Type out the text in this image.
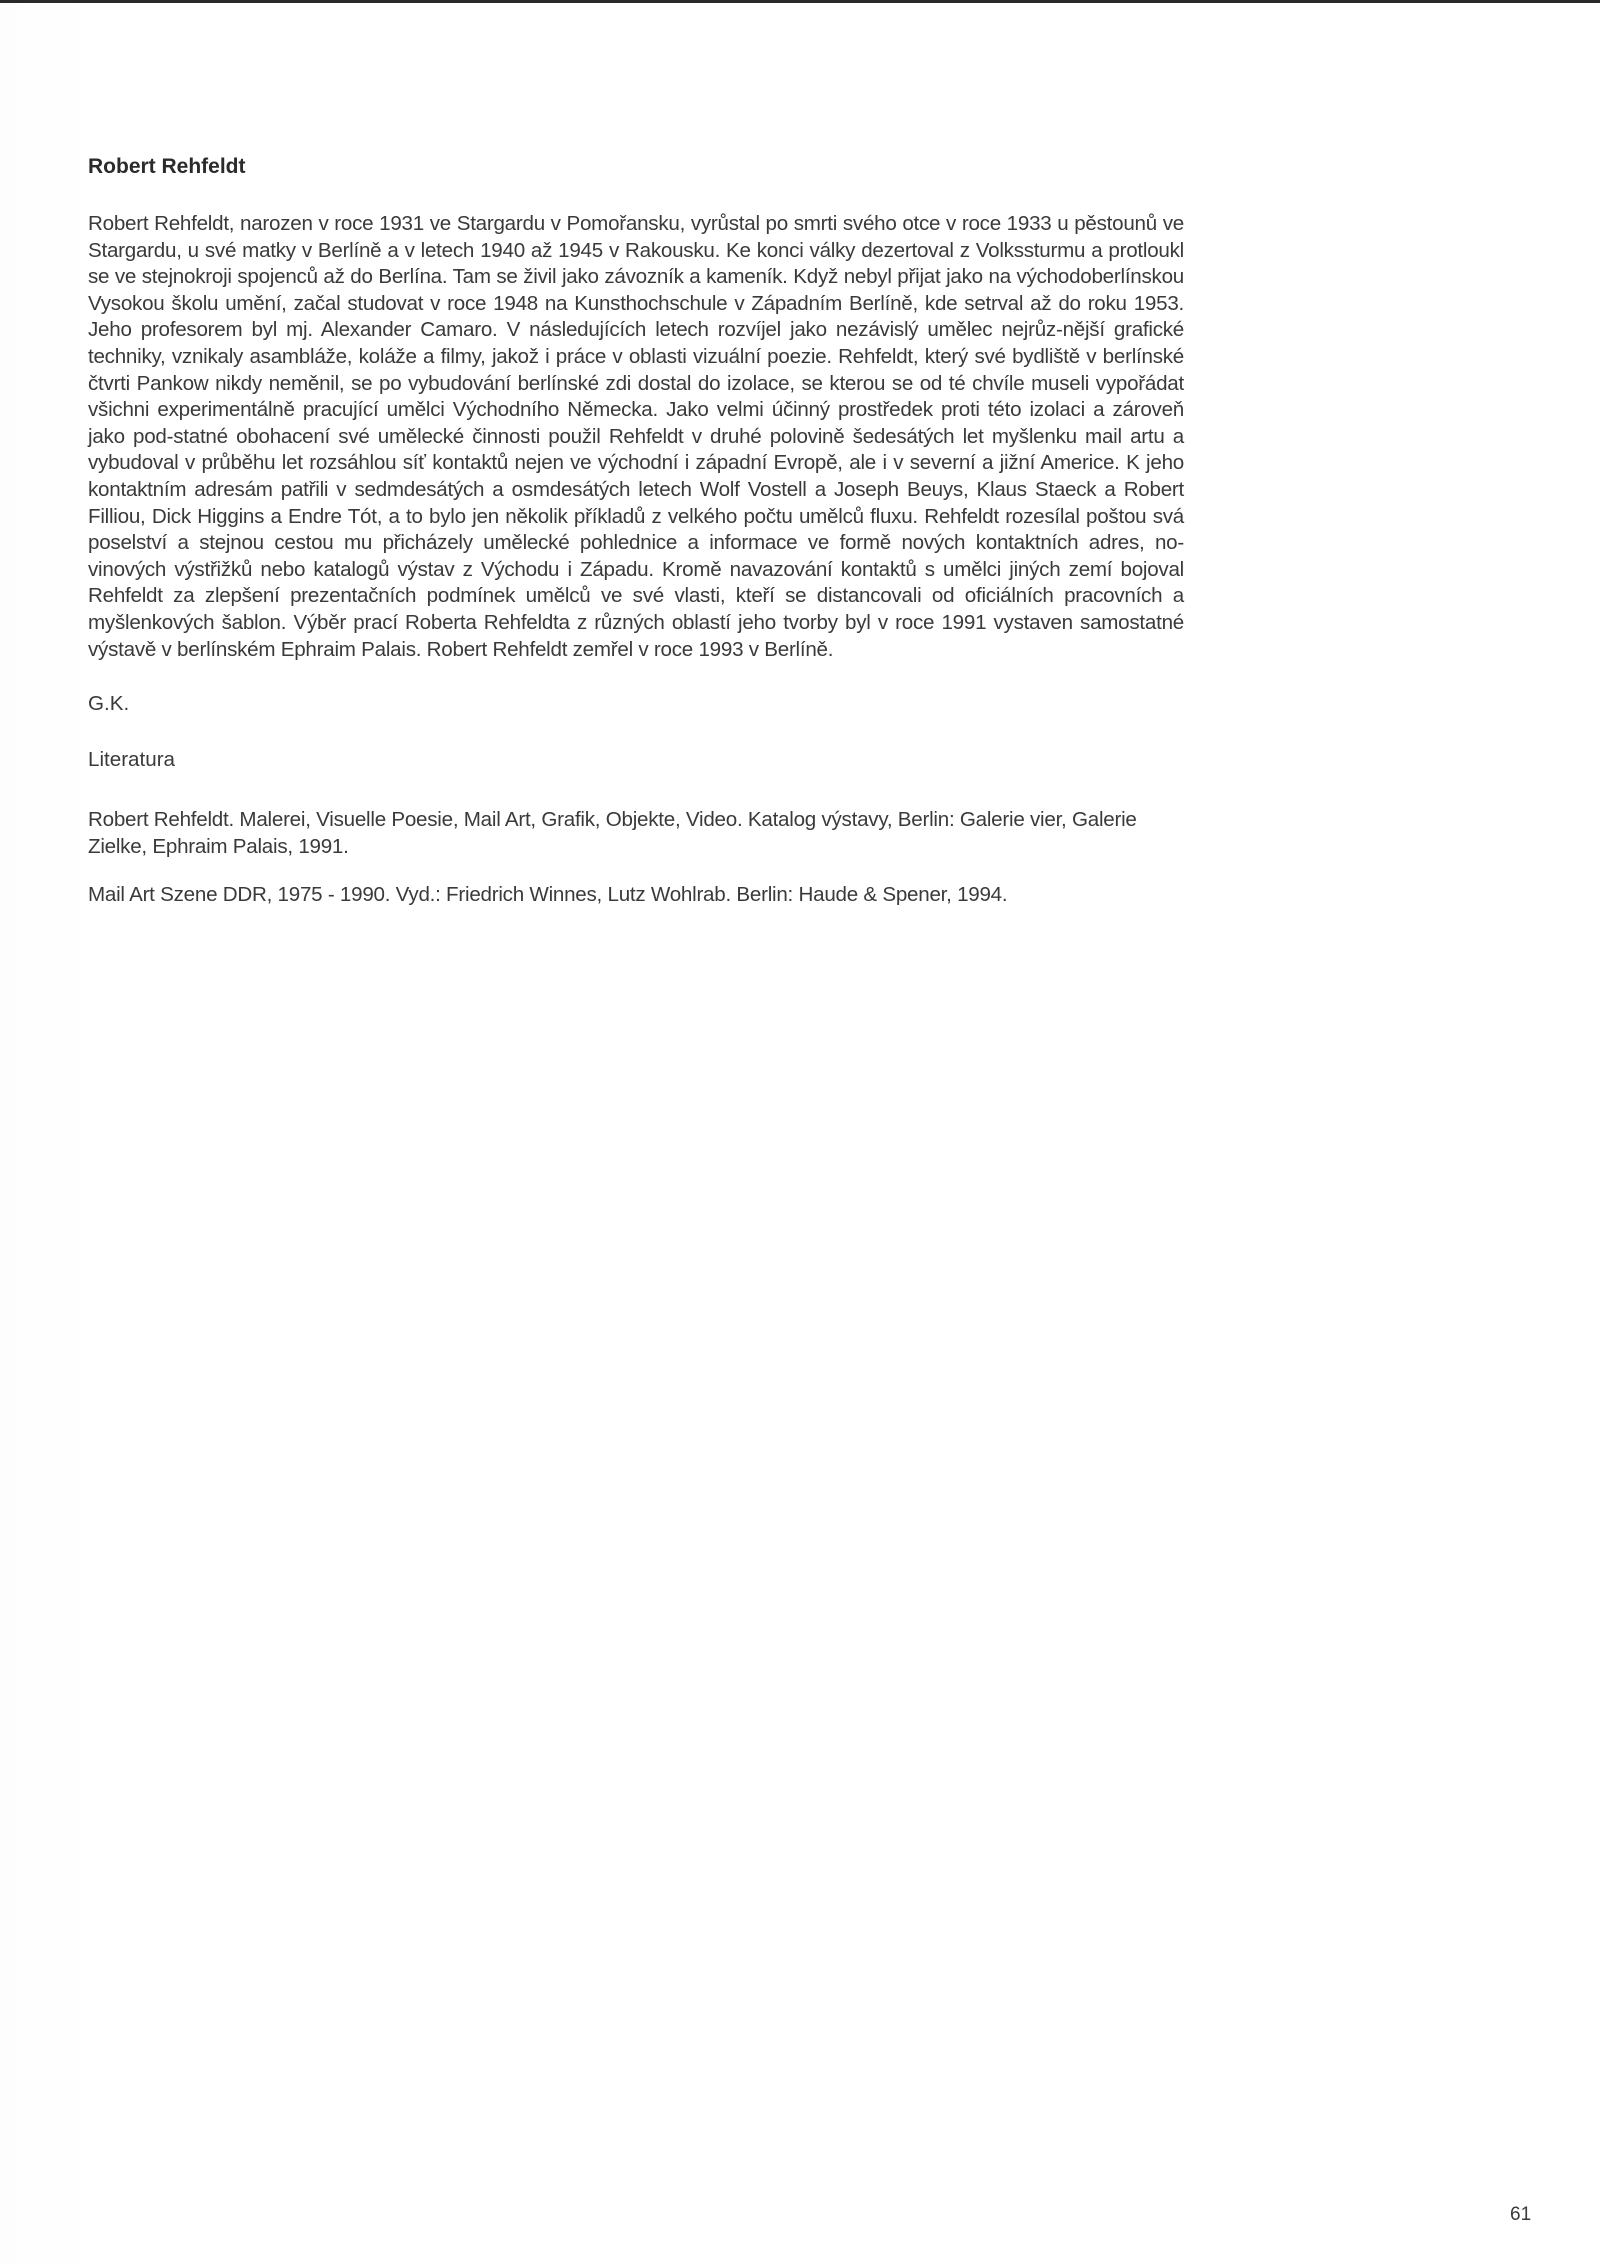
Robert Rehfeldt

Robert Rehfeldt, narozen v roce 1931 ve Stargardu v Pomořansku, vyrůstal po smrti svého otce v roce 1933 u pěstounů ve Stargardu, u své matky v Berlíně a v letech 1940 až 1945 v Rakousku. Ke konci války dezertoval z Volkssturmu a protloukl se ve stejnokroji spojenců až do Berlína. Tam se živil jako závozník a kameník. Když nebyl přijat jako na východoberlínskou Vysokou školu umění, začal studovat v roce 1948 na Kunsthochschule v Západním Berlíně, kde setrval až do roku 1953. Jeho profesorem byl mj. Alexander Camaro. V následujících letech rozvíjel jako nezávislý umělec nejrůz-nější grafické techniky, vznikaly asambláže, koláže a filmy, jakož i práce v oblasti vizuální poezie. Rehfeldt, který své bydliště v berlínské čtvrti Pankow nikdy neměnil, se po vybudování berlínské zdi dostal do izolace, se kterou se od té chvíle museli vypořádat všichni experimentálně pracující umělci Východního Německa. Jako velmi účinný prostředek proti této izolaci a zároveň jako pod-statné obohacení své umělecké činnosti použil Rehfeldt v druhé polovině šedesátých let myšlenku mail artu a vybudoval v průběhu let rozsáhlou síť kontaktů nejen ve východní i západní Evropě, ale i v severní a jižní Americe. K jeho kontaktním adresám patřili v sedmdesátých a osmdesátých letech Wolf Vostell a Joseph Beuys, Klaus Staeck a Robert Filliou, Dick Higgins a Endre Tót, a to bylo jen několik příkladů z velkého počtu umělců fluxu. Rehfeldt rozesílal poštou svá poselství a stejnou cestou mu přicházely umělecké pohlednice a informace ve formě nových kontaktních adres, no-vinových výstřižků nebo katalogů výstav z Východu i Západu. Kromě navazování kontaktů s umělci jiných zemí bojoval Rehfeldt za zlepšení prezentačních podmínek umělců ve své vlasti, kteří se distancovali od oficiálních pracovních a myšlenkových šablon. Výběr prací Roberta Rehfeldta z různých oblastí jeho tvorby byl v roce 1991 vystaven samostatné výstavě v berlínském Ephraim Palais. Robert Rehfeldt zemřel v roce 1993 v Berlíně.

G.K.

Literatura

Robert Rehfeldt. Malerei, Visuelle Poesie, Mail Art, Grafik, Objekte, Video. Katalog výstavy, Berlin: Galerie vier, Galerie Zielke, Ephraim Palais, 1991.
Mail Art Szene DDR, 1975 - 1990. Vyd.: Friedrich Winnes, Lutz Wohlrab. Berlin: Haude & Spener, 1994.
61
